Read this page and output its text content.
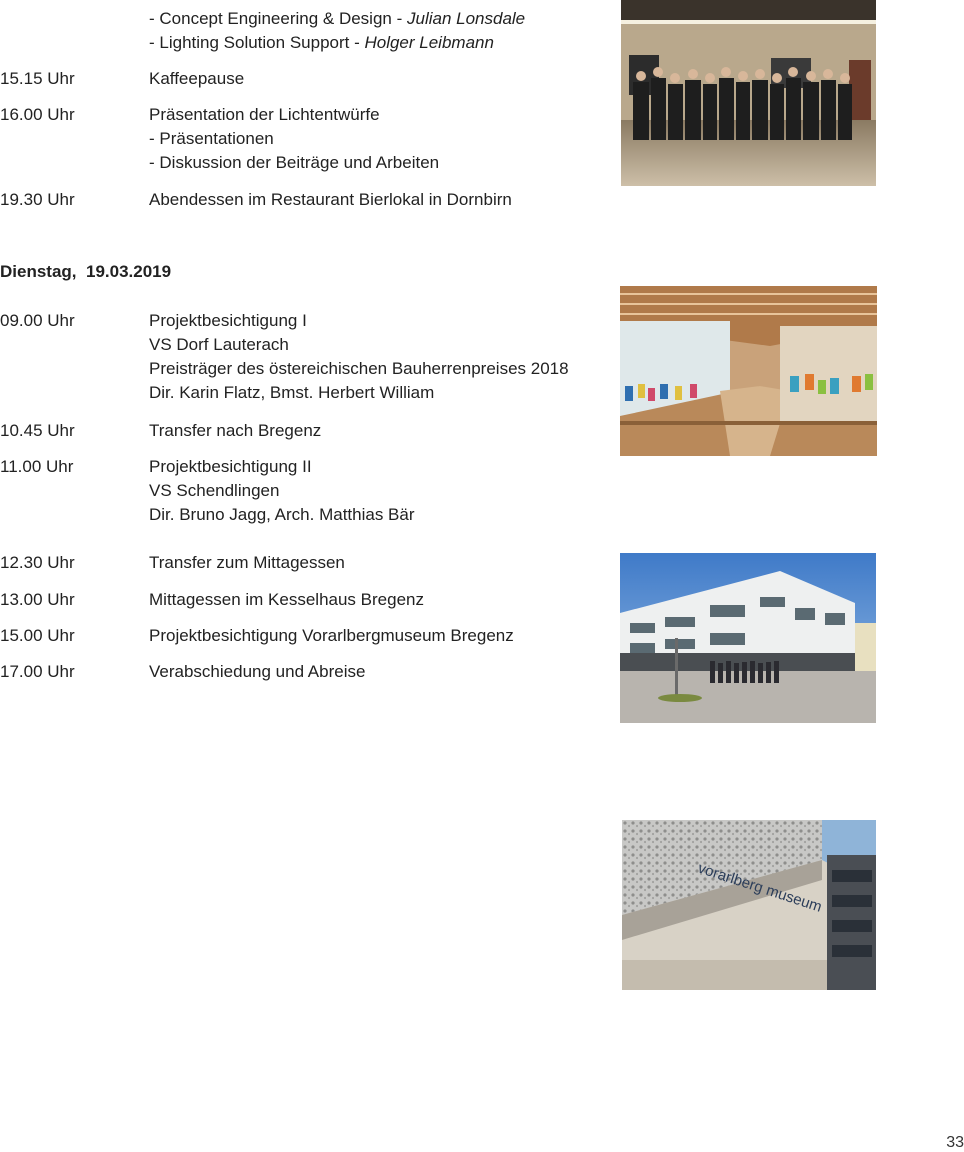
- Concept Engineering & Design - Julian Lonsdale
- Lighting Solution Support - Holger Leibmann
15.15 Uhr	Kaffeepause
16.00 Uhr	Präsentation der Lichtentwürfe
- Präsentationen
- Diskussion der Beiträge und Arbeiten
19.30 Uhr	Abendessen im Restaurant Bierlokal in Dornbirn
Dienstag, 19.03.2019
09.00 Uhr	Projektbesichtigung I
VS Dorf Lauterach
Preisträger des östereichischen Bauherrenpreises 2018
Dir. Karin Flatz, Bmst. Herbert William
10.45 Uhr	Transfer nach Bregenz
11.00 Uhr	Projektbesichtigung II
VS Schendlingen
Dir. Bruno Jagg, Arch. Matthias Bär
12.30 Uhr	Transfer zum Mittagessen
13.00 Uhr	Mittagessen im Kesselhaus Bregenz
15.00 Uhr	Projektbesichtigung Vorarlbergmuseum Bregenz
17.00 Uhr	Verabschiedung und Abreise
vorarlberg museum
33
